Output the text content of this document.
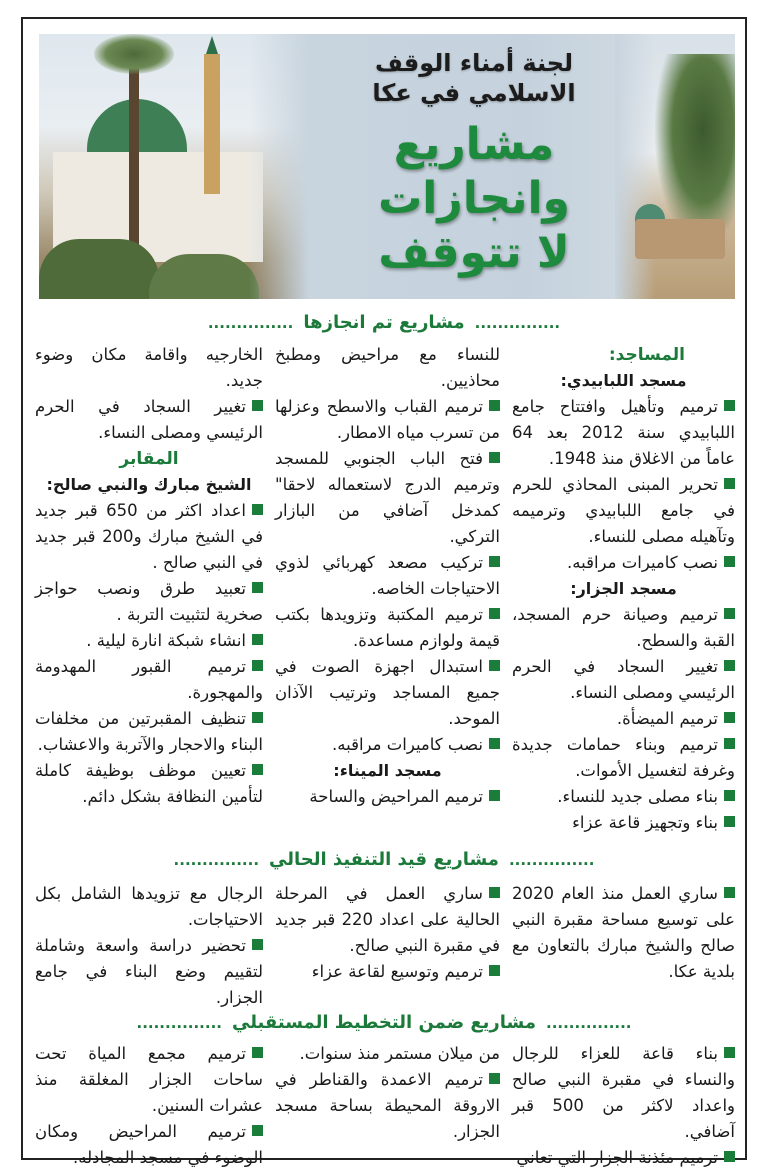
لجنة أمناء الوقف
الاسلامي في عكا
مشاريع
وانجازات
لا تتوقف
...............مشاريع تم انجازها...............

المساجد:

مسجد اللبابيدي:

ترميم وتأهيل وافتتاح جامع اللبابيدي سنة 2012 بعد 64 عاماً من الاغلاق منذ 1948.

تحرير المبنى المحاذي للحرم في جامع اللبابيدي وترميمه وتآهيله مصلى للنساء.

نصب كاميرات مراقبه.

مسجد الجزار:

ترميم وصيانة حرم المسجد، القبة والسطح.

تغيير السجاد في الحرم الرئيسي ومصلى النساء.

ترميم الميضأة.

ترميم وبناء حمامات جديدة وغرفة لتغسيل الأموات.

بناء مصلى جديد للنساء.

بناء وتجهيز قاعة عزاء

للنساء مع مراحيض ومطبخ محاذيين.

ترميم القباب والاسطح وعزلها من تسرب مياه الامطار.

فتح الباب الجنوبي للمسجد وترميم الدرج لاستعماله لاحقا" كمدخل آضافي من البازار التركي.

تركيب مصعد كهربائي لذوي الاحتياجات الخاصه.

ترميم المكتبة وتزويدها بكتب قيمة ولوازم مساعدة.

استبدال اجهزة الصوت في جميع المساجد وترتيب الآذان الموحد.

نصب كاميرات مراقبه.

مسجد الميناء:

ترميم المراحيض والساحة

الخارجيه واقامة مكان وضوء جديد.

تغيير السجاد في الحرم الرئيسي ومصلى النساء.

المقابر

الشيخ مبارك والنبي صالح:

اعداد اكثر من 650 قبر جديد في الشيخ مبارك و200 قبر جديد في النبي صالح .

تعبيد طرق ونصب حواجز صخرية لتثبيت التربة .

انشاء شبكة انارة ليلية .

ترميم القبور المهدومة والمهجورة.

تنظيف المقبرتين من مخلفات البناء والاحجار والآتربة والاعشاب.

تعيين موظف بوظيفة كاملة لتأمين النظافة بشكل دائم.

...............مشاريع قيد التنفيذ الحالي...............

ساري العمل منذ العام 2020 على توسيع مساحة مقبرة النبي صالح والشيخ مبارك بالتعاون مع بلدية عكا.

ساري العمل في المرحلة الحالية على اعداد 220 قبر جديد في مقبرة النبي صالح.

ترميم وتوسيع لقاعة عزاء

الرجال مع تزويدها الشامل بكل الاحتياجات.

تحضير دراسة واسعة وشاملة لتقييم وضع البناء في جامع الجزار.

...............مشاريع ضمن التخطيط المستقبلي...............

بناء قاعة للعزاء للرجال والنساء في مقبرة النبي صالح واعداد لاكثر من 500 قبر آضافي.

ترميم مئذنة الجزار التي تعاني

من ميلان مستمر منذ سنوات.

ترميم الاعمدة والقناطر في الاروقة المحيطة بساحة مسجد الجزار.

ترميم مجمع المياة تحت ساحات الجزار المغلقة منذ عشرات السنين.

ترميم المراحيض ومكان الوضوء في مسجد المجادله.
